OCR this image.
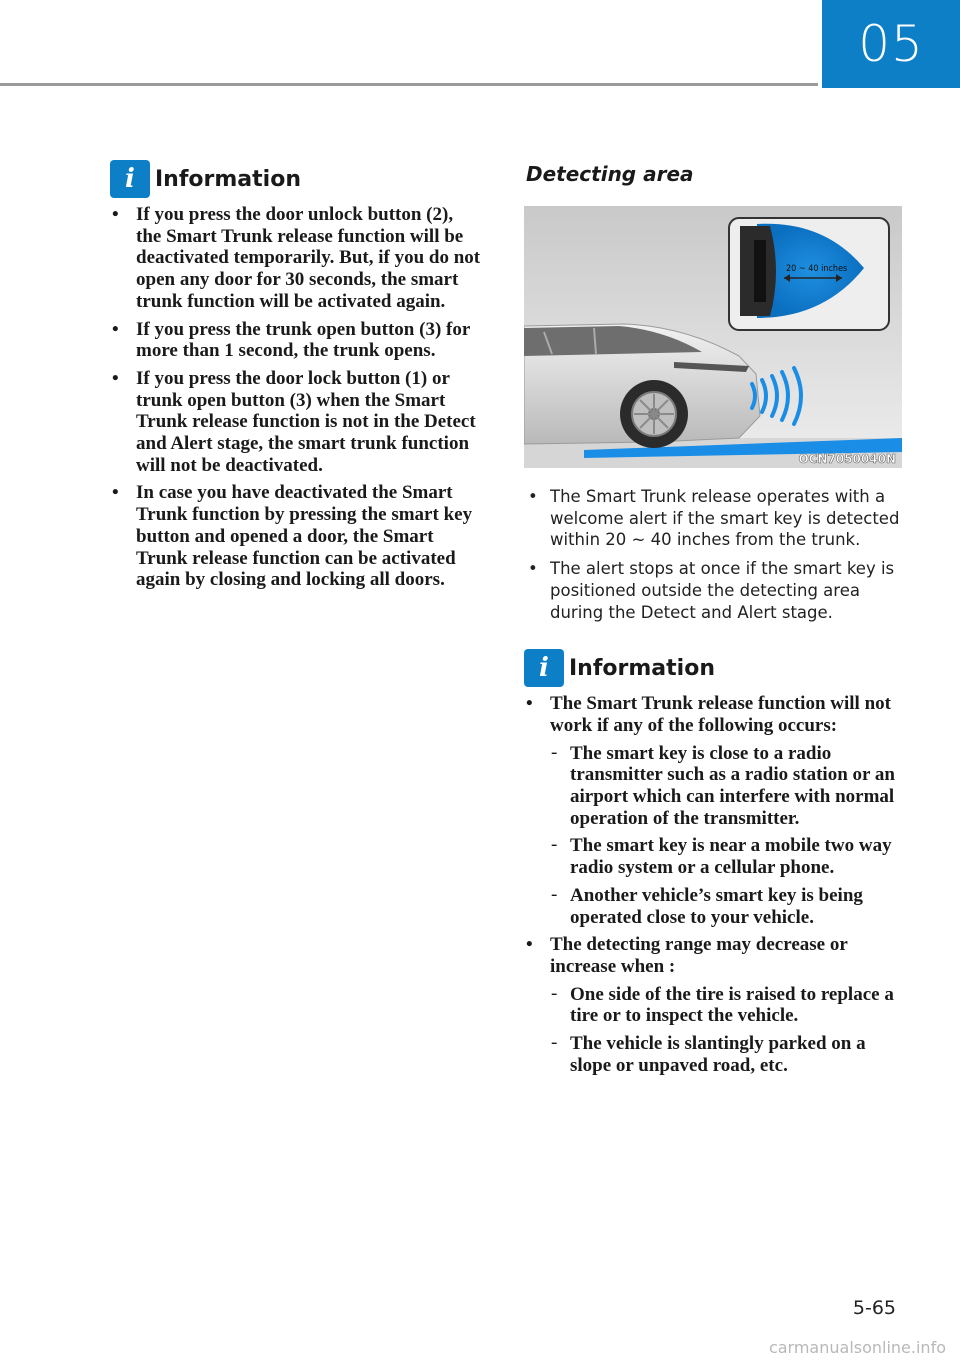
05
i Information
• If you press the door unlock button (2), the Smart Trunk release function will be deactivated temporarily. But, if you do not open any door for 30 seconds, the smart trunk function will be activated again.
• If you press the trunk open button (3) for more than 1 second, the trunk opens.
• If you press the door lock button (1) or trunk open button (3) when the Smart Trunk release function is not in the Detect and Alert stage, the smart trunk function will not be deactivated.
• In case you have deactivated the Smart Trunk function by pressing the smart key button and opened a door, the Smart Trunk release function can be activated again by closing and locking all doors.
Detecting area
20 ~ 40 inches
OCN7050040N
• The Smart Trunk release operates with a welcome alert if the smart key is detected within 20 ~ 40 inches from the trunk.
• The alert stops at once if the smart key is positioned outside the detecting area during the Detect and Alert stage.
i Information
• The Smart Trunk release function will not work if any of the following occurs:
- The smart key is close to a radio transmitter such as a radio station or an airport which can interfere with normal operation of the transmitter.
- The smart key is near a mobile two way radio system or a cellular phone.
- Another vehicle’s smart key is being operated close to your vehicle.
• The detecting range may decrease or increase when :
- One side of the tire is raised to replace a tire or to inspect the vehicle.
- The vehicle is slantingly parked on a slope or unpaved road, etc.
5-65
carmanualsonline.info
